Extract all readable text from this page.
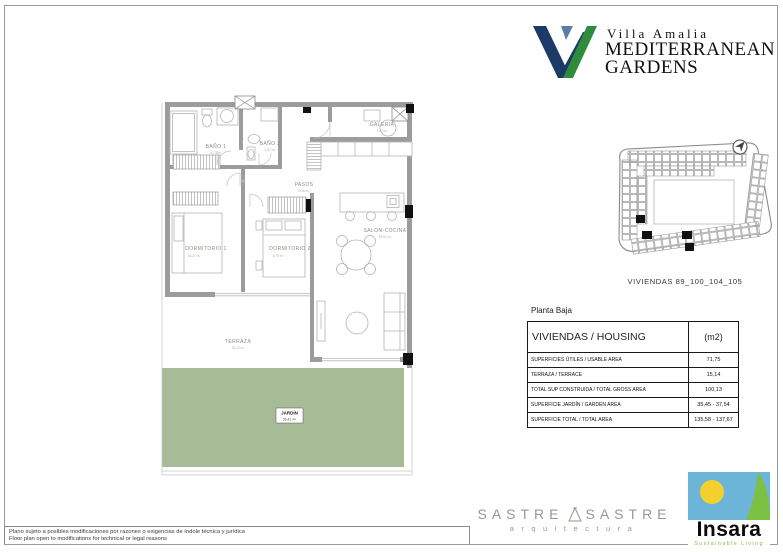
Villa Amalia
MEDITERRANEAN
GARDENS
VIVIENDAS 89_100_104_105
Planta Baja
VIVIENDAS / HOUSING	(m2)
SUPERFICIES ÚTILES / USABLE AREA	71,75
TERRAZA / TERRACE	15,14
TOTAL SUP CONSTRUIDA / TOTAL GROSS AREA	100,13
SUPERFICIE JARDÍN / GARDEN AREA	35,45 - 37,54
SUPERFICIE TOTAL / TOTAL AREA	135,58 - 137,67
BAÑO 1
4,77 m²
BAÑO 2
2,97 m²
PASOS
6,26 m²
GALERIA
2,47 m²
DORMITORIO 1
16,27 m²
DORMITORIO 2
8,79 m²
SALON-COCINA
29,92 m²
TERRAZA
15,14 m²
JARDÍN
36,41 m²
Plano sujeto a posibles modificaciones por razones o exigencias de índole técnica y jurídica
Floor plan open to modifications for technical or legal reasons
SASTRE SASTRE
arquitectura	Insara
Sustainable Living
